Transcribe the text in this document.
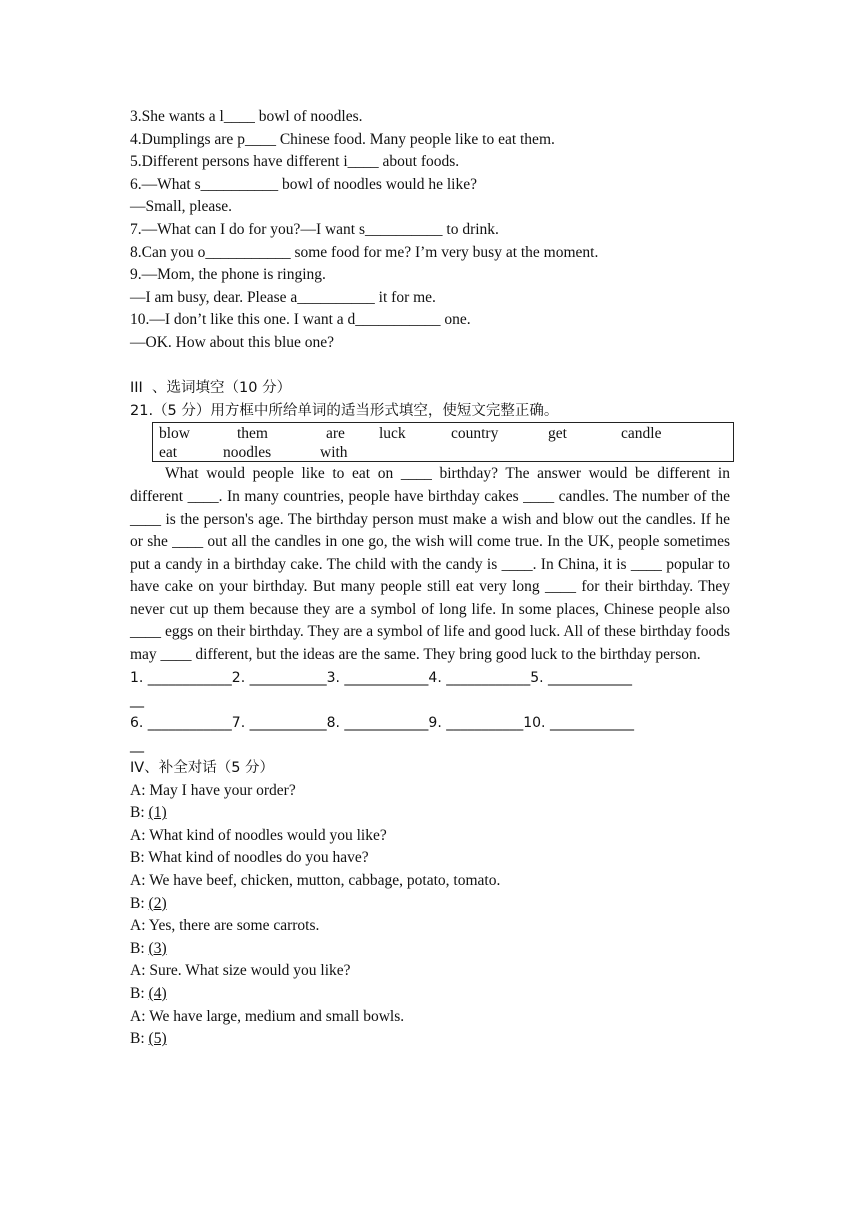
3.She wants a l____ bowl of noodles.
4.Dumplings are p____ Chinese food. Many people like to eat them.
5.Different persons have different i____ about foods.
6.—What s__________ bowl of noodles would he like?
—Small, please.
7.—What can I do for you?—I want s__________ to drink.
8.Can you o___________ some food for me? I’m very busy at the moment.
9.—Mom, the phone is ringing.
—I am busy, dear. Please a__________ it for me.
10.—I don’t like this one. I want a d___________ one.
—OK. How about this blue one?
III  、选词填空（10 分）
21.（5 分）用方框中所给单词的适当形式填空，使短文完整正确。
blow	them	are	luck	country	get	candle
eat	noodles	with

What would people like to eat on ____ birthday? The answer would be different in different ____. In many countries, people have birthday cakes ____ candles. The number of the ____ is the person's age. The birthday person must make a wish and blow out the candles. If he or she ____ out all the candles in one go, the wish will come true. In the UK, people sometimes put a candy in a birthday cake. The child with the candy is ____. In China, it is ____ popular to have cake on your birthday. But many people still eat very long ____ for their birthday. They never cut up them because they are a symbol of long life. In some places, Chinese people also ____ eggs on their birthday. They are a symbol of life and good luck. All of these birthday foods may ____ different, but the ideas are the same. They bring good luck to the birthday person.

1. ____________2. ___________3. ____________4. ____________5. ____________
__
6. ____________7. ___________8. ____________9. ___________10. ____________
__
IV、补全对话（5 分）
A: May I have your order?
B: (1)
A: What kind of noodles would you like?
B: What kind of noodles do you have?
A: We have beef, chicken, mutton, cabbage, potato, tomato.
B: (2)
A: Yes, there are some carrots.
B: (3)
A: Sure. What size would you like?
B: (4)
A: We have large, medium and small bowls.
B: (5)
